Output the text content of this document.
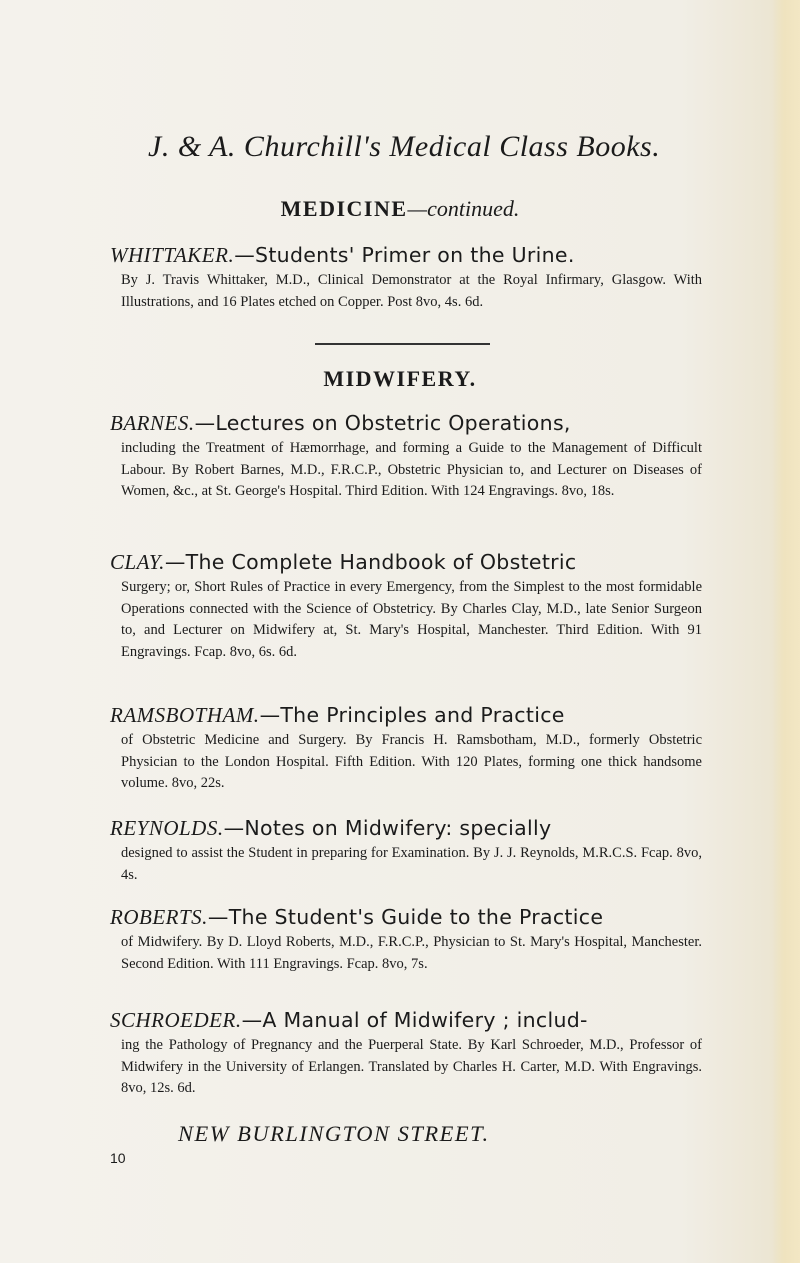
J. & A. Churchill's Medical Class Books.
MEDICINE—continued.
WHITTAKER.—Students' Primer on the Urine.
By J. Travis Whittaker, M.D., Clinical Demonstrator at the Royal Infirmary, Glasgow. With Illustrations, and 16 Plates etched on Copper. Post 8vo, 4s. 6d.
MIDWIFERY.
BARNES.—Lectures on Obstetric Operations,
including the Treatment of Hæmorrhage, and forming a Guide to the Management of Difficult Labour. By Robert Barnes, M.D., F.R.C.P., Obstetric Physician to, and Lecturer on Diseases of Women, &c., at St. George's Hospital. Third Edition. With 124 Engravings. 8vo, 18s.
CLAY.—The Complete Handbook of Obstetric
Surgery; or, Short Rules of Practice in every Emergency, from the Simplest to the most formidable Operations connected with the Science of Obstetricy. By Charles Clay, M.D., late Senior Surgeon to, and Lecturer on Midwifery at, St. Mary's Hospital, Manchester. Third Edition. With 91 Engravings. Fcap. 8vo, 6s. 6d.
RAMSBOTHAM.—The Principles and Practice
of Obstetric Medicine and Surgery. By Francis H. Ramsbotham, M.D., formerly Obstetric Physician to the London Hospital. Fifth Edition. With 120 Plates, forming one thick handsome volume. 8vo, 22s.
REYNOLDS.—Notes on Midwifery: specially
designed to assist the Student in preparing for Examination. By J. J. Reynolds, M.R.C.S. Fcap. 8vo, 4s.
ROBERTS.—The Student's Guide to the Practice
of Midwifery. By D. Lloyd Roberts, M.D., F.R.C.P., Physician to St. Mary's Hospital, Manchester. Second Edition. With 111 Engravings. Fcap. 8vo, 7s.
SCHROEDER.—A Manual of Midwifery ; includ-
ing the Pathology of Pregnancy and the Puerperal State. By Karl Schroeder, M.D., Professor of Midwifery in the University of Erlangen. Translated by Charles H. Carter, M.D. With Engravings. 8vo, 12s. 6d.
NEW BURLINGTON STREET.
10
